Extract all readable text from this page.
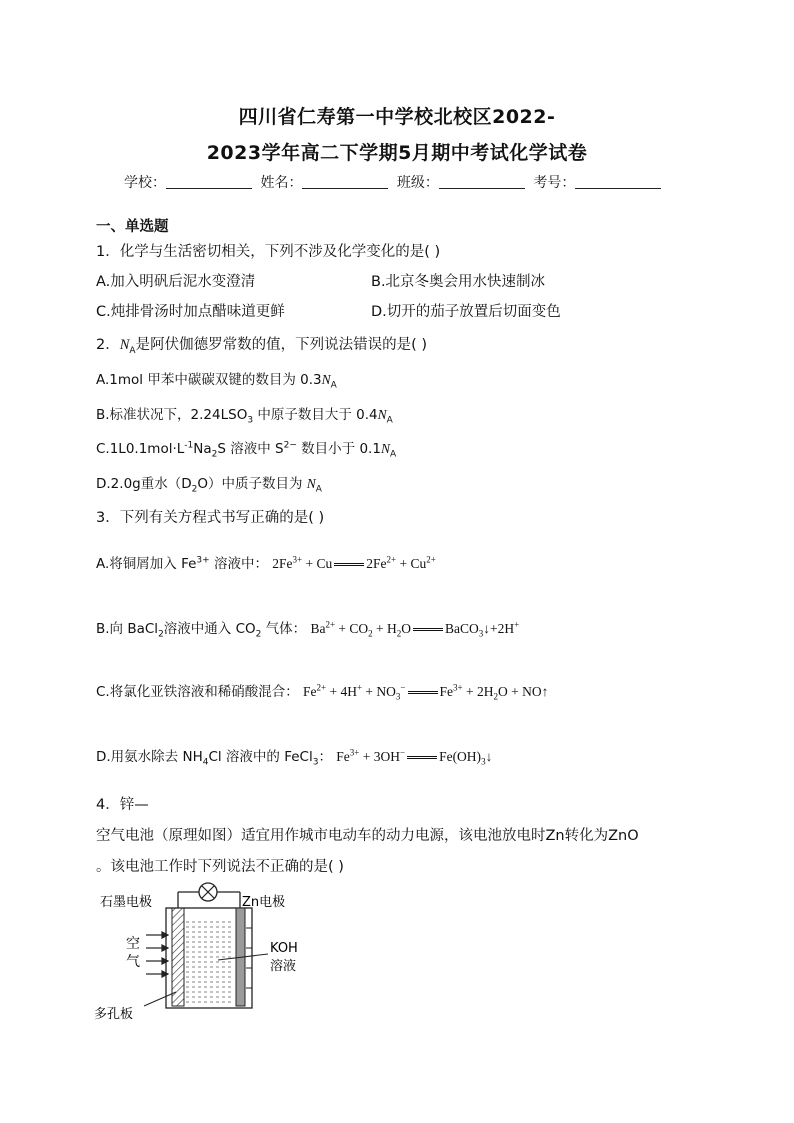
四川省仁寿第一中学校北校区2022-
2023学年高二下学期5月期中考试化学试卷
学校：	姓名：	班级：	考号：
一、单选题
1．化学与生活密切相关，下列不涉及化学变化的是( )
A.加入明矾后泥水变澄清	B.北京冬奥会用水快速制冰
C.炖排骨汤时加点醋味道更鲜	D.切开的茄子放置后切面变色
2．$N_A$是阿伏伽德罗常数的值，下列说法错误的是( )
A.1mol 甲苯中碳碳双键的数目为 $0.3N_A$
B.标准状况下，$2.24LSO_3$ 中原子数目大于 $0.4N_A$
$C.1L0.1mol\cdot L^{-1}Na_2S$ 溶液中 $S^{2-}$ 数目小于 $0.1N_A$
D.2.0g重水$(D_2O)$中质子数目为 $N_A$
3．下列有关方程式书写正确的是( )
A.将铜屑加入 $Fe^{3+}$ 溶液中： $2Fe^{3+} + Cu$	$2Fe^{2+} + Cu^{2+}$
B.向 BaCl$_2$溶液中通入 $CO_2$ 气体： $Ba^{2+} + CO_2 + H_2O$	BaCO$_3$↓+2H+
C.将氯化亚铁溶液和稀硝酸混合： $Fe^{2+} + 4H^+ + NO_3^-$	$Fe^{3+} + 2H_2O$ + NO↑
D.用氨水除去 $NH_4Cl$ 溶液中的 FeCl$_3$： $Fe^{3+} + 3OH^-$	$Fe(OH)_3↓$
4．锌—
空气电池（原理如图）适宜用作城市电动车的动力电源，该电池放电时Zn转化为ZnO
。该电池工作时下列说法不正确的是( )
石墨电极	Zn电极
空
气
KOH
溶液
多孔板
